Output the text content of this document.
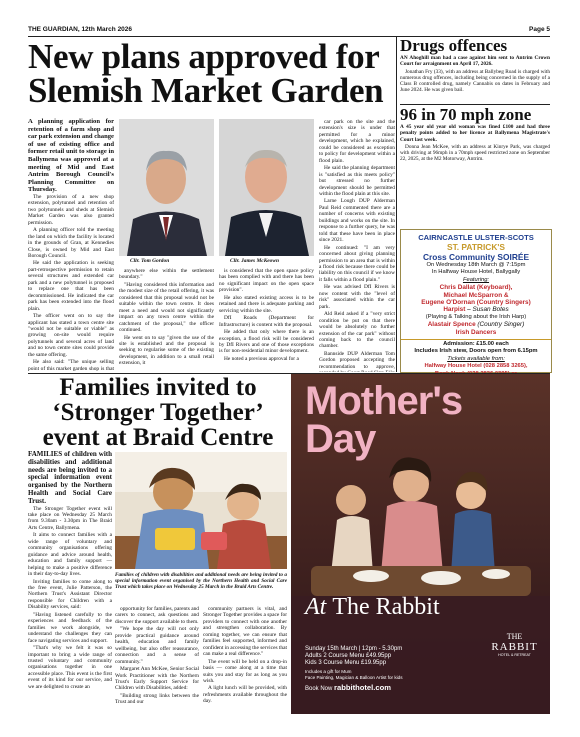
THE GUARDIAN, 12th March 2026	Page 5
New plans approved for Slemish Market Garden
A planning application for retention of a farm shop and car park extension and change of use of existing office and former retail unit to storage in Ballymena was approved at a meeting of Mid and East Antrim Borough Council's Planning Committee on Thursday.

The provision of a new shop extension, polytunnel and retention of two polytunnels and sheds at Slemish Market Garden was also granted permission.

A planning officer told the meeting the land on which the facility is located in the grounds of Gran, at Kennedies Close, is owned by Mid and East Borough Council.

He said the application is seeking part-retrospective permission to retain several structures and extended car park and a new polytunnel is proposed to replace one that has been decommissioned. He indicated the car park has been extended into the flood plain.

The officer went on to say the applicant has stated a town centre site "would not be suitable or viable" as growing on-site would require polytunnels and several acres of land and no town centre sites could provide the same offering.

He also said: "The unique selling point of this market garden shop is that

Cllr. Tom Gordon	Cllr. James McKeown

anywhere else within the settlement boundary."

"Having considered this information and the modest size of the retail offering, it was considered that this proposal would not be suitable within the town centre. It does meet a need and would not significantly impact on any town centre within the catchment of the proposal," the officer continued.

He went on to say "given the use of the site is established and the proposal is seeking to regularise some of the existing development, in addition to a small retail extension, it

is considered that the open space policy has been complied with and there has been no significant impact on the open space provision".

He also stated existing access is to be retained and there is adequate parking and servicing within the site.

DfI Roads (Department for Infrastructure) is content with the proposal.

He added that only where there is an exception, a flood risk will be considered by DfI Rivers and one of those exceptions is for non-residential minor development.

He noted a previous approval for a

car park on the site and the extension's size is under that permitted for a minor development, which he explained, could be considered as exception to policy for development within a flood plain.

He said the planning department is "satisfied as this meets policy" but stressed no further development should be permitted within the flood plain at this site.

Larne Lough DUP Alderman Paul Reid commented there are a number of concerns with existing buildings and works on the site. In response to a further query, he was told that these have been in place since 2021.

He continued: "I am very concerned about giving planning permission to an area that is within a flood risk because there could be liability on this council if we know it falls within a flood plain."

He was advised DfI Rivers is now content with the "level of risk" associated within the car park.

Ald Reid asked if a "very strict condition be put on that there would be absolutely no further extension of the car park" without coming back to the council chamber.

Bannside DUP Alderman Tom Gordon proposed accepting the recommendation to approve,

Drugs offences

AN Ahoghill man had a case against him sent to Antrim Crown Court for arraignment on April 17, 2026.

Jonathan Fry (33), with an address at Ballybeg Road is charged with numerous drug offences, including being concerned in the supply of a Class B controlled drug, namely Cannabis on dates in February and June 2024. He was given bail.

96 in 70 mph zone

A 45 year old year old woman was fined £100 and had three penalty points added to her licence at Ballymena Magistrate's Court last week.

Donna Jean McKee, with an address at Kinrye Park, was charged with driving at 96mph in a 70mph speed restricted zone on September 22, 2025, at the M2 Motorway, Antrim.

CAIRNCASTLE ULSTER-SCOTS
ST. PATRICK'S
Cross Community SOIRÉE
On Wednesday 18th March @ 7:15pm
In Halfway House Hotel, Ballygally
Featuring:
Chris Dallat (Keyboard),
Michael McSparron &
Eugene O'Dornan (Country Singers)
Harpist – Susan Botes
(Playing & Talking about the Irish Harp)
Alastair Spence (Country Singer)
Irish Dancers
Admission: £15.00 each
Includes Irish stew, Doors open from 6.15pm
Tickets available from:
Halfway House Hotel (028 2858 3265),
Families invited to ‘Stronger Together’ event at Braid Centre
FAMILIES of children with disabilities and additional needs are being invited to a special information event organised by the Northern Health and Social Care Trust.

The Stronger Together event will take place on Wednesday 25 March from 9.30am - 3.30pm in The Braid Arts Centre, Ballymena.

It aims to connect families with a wide range of voluntary and community organisations offering guidance and advice around health, education and family support — helping to make a positive difference in their day-to-day lives.

Inviting families to come along to the free event, Julie Patterson, the Northern Trust's Assistant Director responsible for Children with a Disability services, said:

"Having listened carefully to the experiences and feedback of the families we work alongside, we understand the challenges they can face navigating services and support.

"That's why we felt it was so important to bring a wide range of trusted voluntary and community organisations together in one accessible place. This event is the first event of its kind for our service, and we are delighted to create an

Families of children with disabilities and additional needs are being invited to a special information event organised by the Northern Health and Social Care Trust which takes place on Wednesday 25 March in the Braid Arts Centre.

opportunity for families, parents and carers to connect, ask questions and discover the support available to them.

"We hope the day will not only provide practical guidance around health, education and family wellbeing, but also offer reassurance, connection and a sense of community."

Margaret Ann McKee, Senior Social Work Practitioner with the Northern Trust's Early Support Service for Children with Disabilities, added:

"Building strong links between the Trust and our

community partners is vital, and Stronger Together provides a space for providers to connect with one another and strengthen collaboration. By coming together, we can ensure that families feel supported, informed and confident in accessing the services that can make a real difference."

The event will be held on a drop-in basis — come along at a time that suits you and stay for as long as you wish.

A light lunch will be provided, with refreshments available throughout the day.

Mother's
Day
At The Rabbit
THE
RABBIT
HOTEL & RETREAT
Sunday 15th March | 12pm - 5.30pm
Adults 2 Course Menu £49.95pp
Kids 3 Course Menu £19.95pp
Includes a gift for Mum
Face Painting, Magician & Balloon Artist for kids
Book Now rabbithotel.com
